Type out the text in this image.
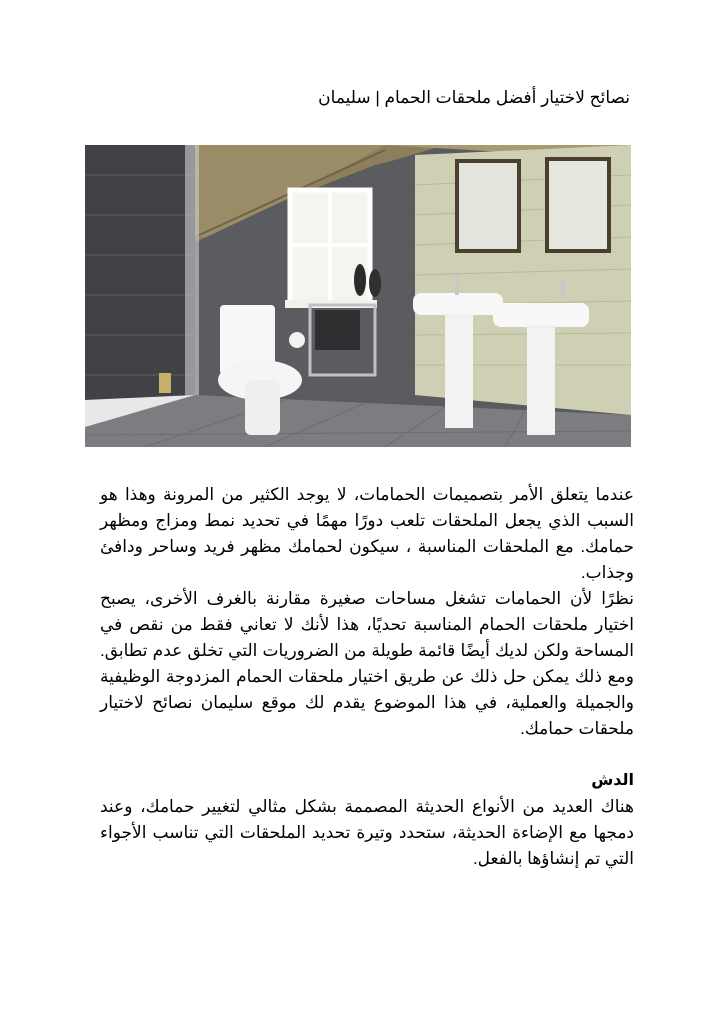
نصائح لاختيار أفضل ملحقات الحمام | سليمان

عندما يتعلق الأمر بتصميمات الحمامات، لا يوجد الكثير من المرونة وهذا هو السبب الذي يجعل الملحقات تلعب دورًا مهمًا في تحديد نمط ومزاج ومظهر حمامك. مع الملحقات المناسبة ، سيكون لحمامك مظهر فريد وساحر ودافئ وجذاب.

نظرًا لأن الحمامات تشغل مساحات صغيرة مقارنة بالغرف الأخرى، يصبح اختيار ملحقات الحمام المناسبة تحديًا، هذا لأنك لا تعاني فقط من نقص في المساحة ولكن لديك أيضًا قائمة طويلة من الضروريات التي تخلق عدم تطابق. ومع ذلك يمكن حل ذلك عن طريق اختيار ملحقات الحمام المزدوجة الوظيفية والجميلة والعملية، في هذا الموضوع يقدم لك موقع سليمان نصائح لاختيار ملحقات حمامك.

الدش

هناك العديد من الأنواع الحديثة المصممة بشكل مثالي لتغيير حمامك، وعند دمجها مع الإضاءة الحديثة، ستحدد وتيرة تحديد الملحقات التي تناسب الأجواء التي تم إنشاؤها بالفعل.
